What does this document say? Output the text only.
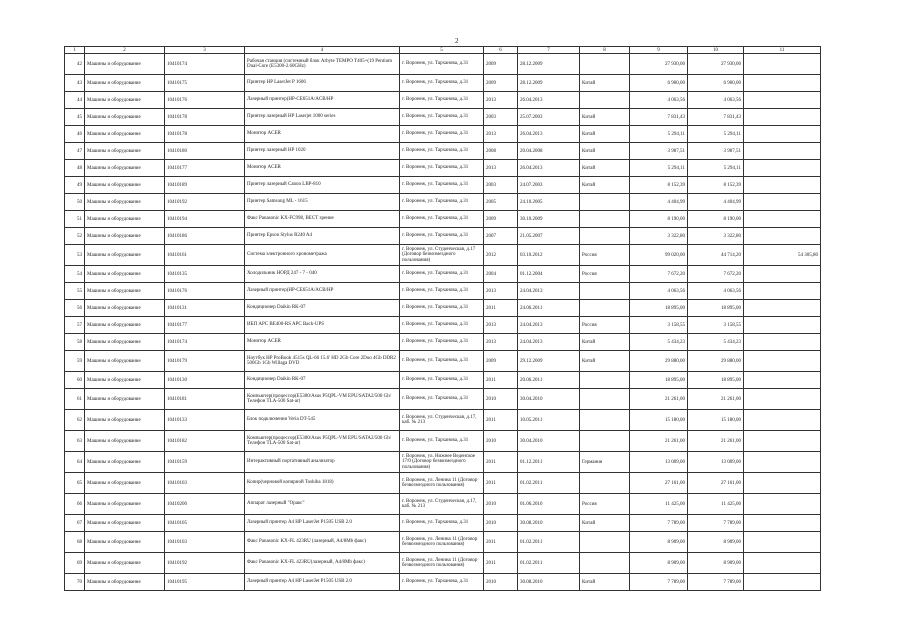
2
1	2	3	4	5	6	7	8	9	10	11
42	Машины и оборудование	10410174	Рабочая станция (системный блок Arbyte TEMPO T405+(19 Pentium Dual-Core (E5300-2.60GHz)	г. Воронеж, ул. Тарханова, д.31	2009	28.12.2009		27 930,00	27 930,00	
43	Машины и оборудование	10410175	Принтер HP LaserJet P 1606	г. Воронеж, ул. Тарханова, д.31	2009	28.12.2009	Китай	6 900,00	6 900,00	
44	Машины и оборудование	10410176	Лазерный принтер(HP-CE651A/ACB/HP	г. Воронеж, ул. Тарханова, д.31	2013	26.04.2013		4 063,56	4 063,56	
45	Машины и оборудование	10410178	Принтер лазерный HP Laserjet 1000 series	г. Воронеж, ул. Тарханова, д.31	2003	25.07.2003	Китай	7 831,43	7 831,43	
46	Машины и оборудование	10410178	Монитор ACER	г. Воронеж, ул. Тарханова, д.31	2013	26.04.2013	Китай	5 294,11	5 294,11	
47	Машины и оборудование	10410180	Принтер лазерный HP 1020	г. Воронеж, ул. Тарханова, д.31	2008	20.04.2008	Китай	3 987,51	3 987,51	
48	Машины и оборудование	10410177	Монитор ACER	г. Воронеж, ул. Тарханова, д.31	2013	26.04.2013	Китай	5 294,11	5 294,11	
49	Машины и оборудование	10410189	Принтер лазерный Canon LBP-810	г. Воронеж, ул. Тарханова, д.31	2003	24.07.2003	Китай	8 152,39	8 152,39	
50	Машины и оборудование	10410192	Принтер Samsung ML - 1615	г. Воронеж, ул. Тарханова, д.31	2005	24.10.2005		4 404,99	4 404,99	
51	Машины и оборудование	10410194	Факс Panasonic KX-FC998, ВЕСТ зрение	г. Воронеж, ул. Тарханова, д.31	2009	30.10.2009		8 190,00	8 190,00	
52	Машины и оборудование	10410186	Принтер Epson Stylus R240 A4	г. Воронеж, ул. Тарханова, д.31	2007	21.05.2007		3 322,80	3 322,80	
53	Машины и оборудование	10410161	Система электронного хронометража	г. Воронеж, ул. Студенческая, д.17 (Договор безвозмездного пользования)	2012	03.10.2012	Россия	99 020,00	44 714,20	54 305,80
54	Машины и оборудование	10410135	Холодильник НОРД 247 - 7 - 040	г. Воронеж, ул. Тарханова, д.31	2004	01.12.2004	Россия	7 672,20	7 672,20	
55	Машины и оборудование	10410176	Лазерный принтер(HP-CE651A/ACB/HP	г. Воронеж, ул. Тарханова, д.31	2013	24.04.2013		4 063,56	4 063,56	
56	Машины и оборудование	10410131	Кондиционер Daikin RK-07	г. Воронеж, ул. Тарханова, д.31	2011	24.06.2011		18 895,00	18 895,00	
57	Машины и оборудование	10410177	ИБП APC BE400-RS APC Back-UPS	г. Воронеж, ул. Тарханова, д.31	2013	24.04.2013	Россия	3 158,55	3 158,55	
58	Машины и оборудование	10410174	Монитор ACER	г. Воронеж, ул. Тарханова, д.31	2013	24.04.2013	Китай	5 434,23	5 434,23	
59	Машины и оборудование	10410179	Ноутбук HP ProBook 4515s QL-66 15.6' HD 2Gb Core 2Duo 4Gb DDR2 500Gb 1Gb Willaga DVD	г. Воронеж, ул. Тарханова, д.31	2009	29.12.2009	Китай	29 880,00	29 880,00	
60	Машины и оборудование	10410130	Кондиционер Daikin RK-07	г. Воронеж, ул. Тарханова, д.31	2011	20.06.2011		18 895,00	18 895,00	
61	Машины и оборудование	10410181	Компьютер(процессор(E5300/Asus P5QPL-VM EPU/SATA2/500 Gb/Телефон TLA-500 Sat-ar)	г. Воронеж, ул. Тарханова, д.31	2010	30.04.2010		21 261,00	21 261,00	
62	Машины и оборудование	10410133	Блок подключения Veria DT-545	г. Воронеж, ул. Студенческая, д.17, каб. № 213	2011	10.05.2011		15 180,00	15 180,00	
63	Машины и оборудование	10410182	Компьютер(процессор(E5300/Asus P5QPL-VM EPU/SATA2/500 Gb/Телефон TLA-500 Sat-ar)	г. Воронеж, ул. Тарханова, д.31	2010	30.04.2010		21 261,00	21 261,00	
64	Машины и оборудование	10410159	Интерактивный портативный анализатор	г. Воронеж, ул. Нижнее Веденское 17/0 (Договор безвозмездного пользования)	2011	01.12.2011	Германия	13 009,00	13 009,00	
65	Машины и оборудование	10410103	Копир(черновой копирной Toshiba 1818)	г. Воронеж, ул. Ленина 11 (Договор безвозмездного пользования)	2011	01.02.2011		27 161,00	27 161,00	
66	Машины и оборудование	10410200	Аппарат лазерный "Оракс"	г. Воронеж, ул. Студенческая, д.17, каб. № 213	2010	01.06.2010	Россия	11 425,00	11 425,00	
67	Машины и оборудование	10410105	Лазерный принтер A4 HP LaserJet P1505 USB 2.0	г. Воронеж, ул. Тарханова, д.31	2010	30.08.2010	Китай	7 789,00	7 789,00	
68	Машины и оборудование	10410103	Факс Panasonic KX-FL 423RU (лазерный, A4/8Mb факс)	г. Воронеж, ул. Ленина 11 (Договор безвозмездного пользования)	2011	01.02.2011		8 909,00	8 909,00	
69	Машины и оборудование	10410192	Факс Panasonic KX-FL 423RU(лазерный, A4/8Mb факс)	г. Воронеж, ул. Ленина 11 (Договор безвозмездного пользования)	2011	01.02.2011		8 909,00	8 909,00	
70	Машины и оборудование	10410195	Лазерный принтер A4 HP LaserJet P1505 USB 2.0	г. Воронеж, ул. Тарханова, д.31	2010	30.08.2010	Китай	7 789,00	7 789,00	
